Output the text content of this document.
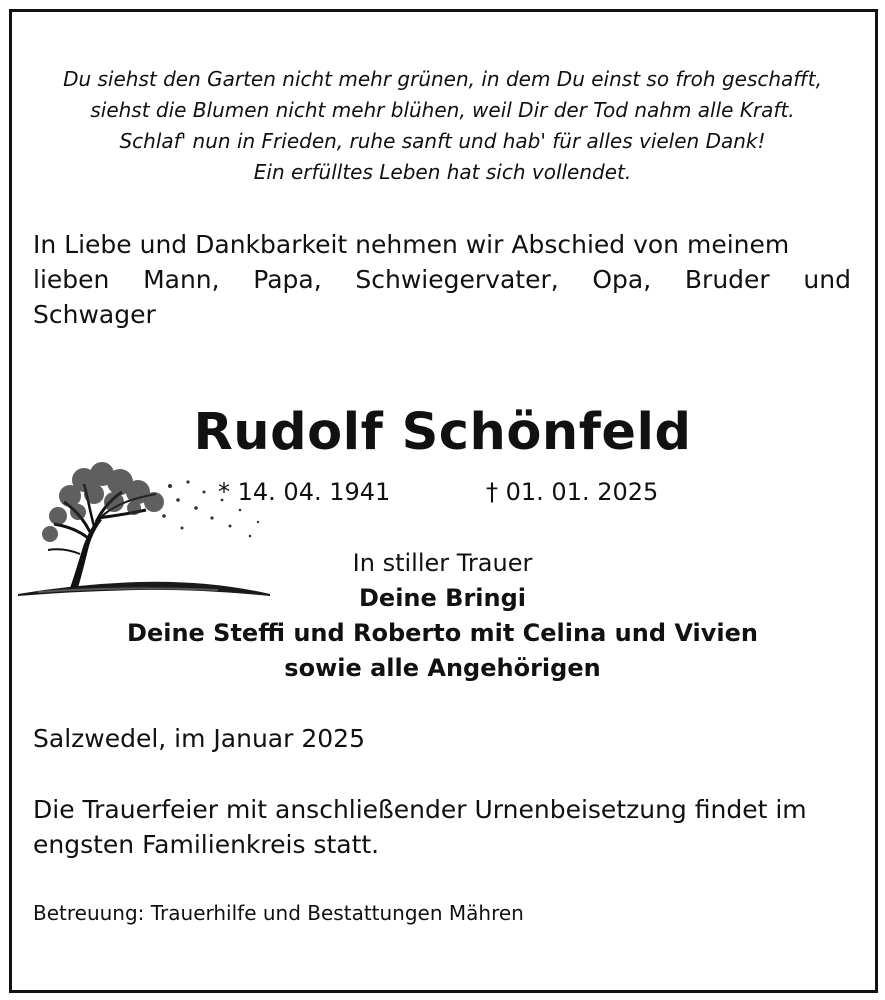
Du siehst den Garten nicht mehr grünen, in dem Du einst so froh geschafft,
siehst die Blumen nicht mehr blühen, weil Dir der Tod nahm alle Kraft.
Schlaf' nun in Frieden, ruhe sanft und hab' für alles vielen Dank!
Ein erfülltes Leben hat sich vollendet.
In Liebe und Dankbarkeit nehmen wir Abschied von meinem
lieben Mann, Papa, Schwiegervater, Opa, Bruder und
Schwager
Rudolf Schönfeld
* 14. 04. 1941	† 01. 01. 2025
In stiller Trauer
Deine Bringi
Deine Steffi und Roberto mit Celina und Vivien
sowie alle Angehörigen
Salzwedel, im Januar 2025
Die Trauerfeier mit anschließender Urnenbeisetzung findet im
engsten Familienkreis statt.
Betreuung: Trauerhilfe und Bestattungen Mähren
